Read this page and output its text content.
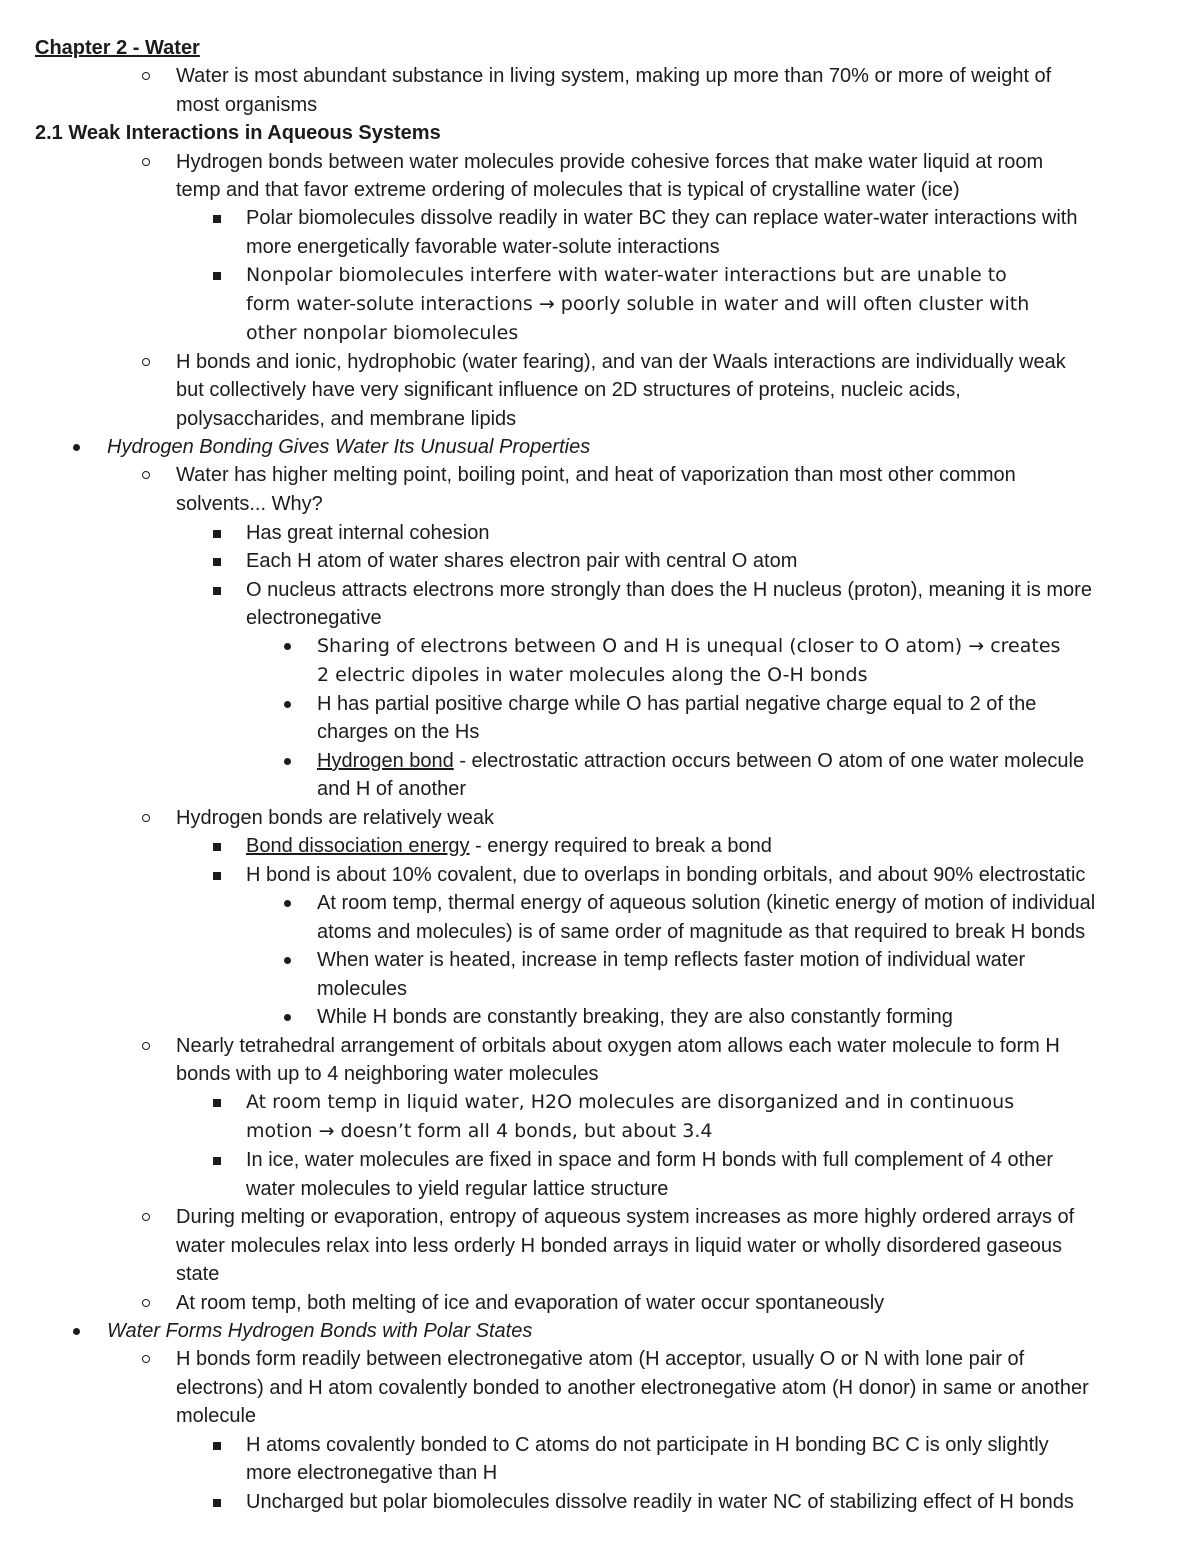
Chapter 2 - Water
Water is most abundant substance in living system, making up more than 70% or more of weight of
most organisms
2.1 Weak Interactions in Aqueous Systems
Hydrogen bonds between water molecules provide cohesive forces that make water liquid at room
temp and that favor extreme ordering of molecules that is typical of crystalline water (ice)
Polar biomolecules dissolve readily in water BC they can replace water-water interactions with
more energetically favorable water-solute interactions
Nonpolar biomolecules interfere with water-water interactions but are unable to
form water-solute interactions → poorly soluble in water and will often cluster with
other nonpolar biomolecules
H bonds and ionic, hydrophobic (water fearing), and van der Waals interactions are individually weak
but collectively have very significant influence on 2D structures of proteins, nucleic acids,
polysaccharides, and membrane lipids
Hydrogen Bonding Gives Water Its Unusual Properties
Water has higher melting point, boiling point, and heat of vaporization than most other common
solvents... Why?
Has great internal cohesion
Each H atom of water shares electron pair with central O atom
O nucleus attracts electrons more strongly than does the H nucleus (proton), meaning it is more
electronegative
Sharing of electrons between O and H is unequal (closer to O atom) → creates
2 electric dipoles in water molecules along the O-H bonds
H has partial positive charge while O has partial negative charge equal to 2 of the
charges on the Hs
Hydrogen bond - electrostatic attraction occurs between O atom of one water molecule
and H of another
Hydrogen bonds are relatively weak
Bond dissociation energy - energy required to break a bond
H bond is about 10% covalent, due to overlaps in bonding orbitals, and about 90% electrostatic
At room temp, thermal energy of aqueous solution (kinetic energy of motion of individual
atoms and molecules) is of same order of magnitude as that required to break H bonds
When water is heated, increase in temp reflects faster motion of individual water
molecules
While H bonds are constantly breaking, they are also constantly forming
Nearly tetrahedral arrangement of orbitals about oxygen atom allows each water molecule to form H
bonds with up to 4 neighboring water molecules
At room temp in liquid water, H2O molecules are disorganized and in continuous
motion → doesn’t form all 4 bonds, but about 3.4
In ice, water molecules are fixed in space and form H bonds with full complement of 4 other
water molecules to yield regular lattice structure
During melting or evaporation, entropy of aqueous system increases as more highly ordered arrays of
water molecules relax into less orderly H bonded arrays in liquid water or wholly disordered gaseous
state
At room temp, both melting of ice and evaporation of water occur spontaneously
Water Forms Hydrogen Bonds with Polar States
H bonds form readily between electronegative atom (H acceptor, usually O or N with lone pair of
electrons) and H atom covalently bonded to another electronegative atom (H donor) in same or another
molecule
H atoms covalently bonded to C atoms do not participate in H bonding BC C is only slightly
more electronegative than H
Uncharged but polar biomolecules dissolve readily in water NC of stabilizing effect of H bonds
